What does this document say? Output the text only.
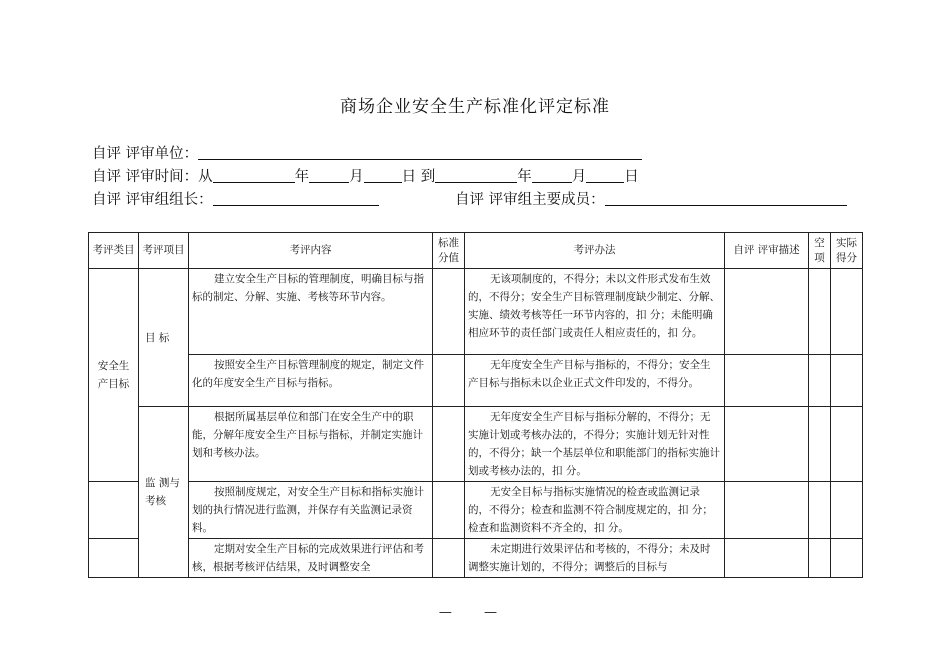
商场企业安全生产标准化评定标准
自评 评审单位：
自评 评审时间：从	年	月	日 到	年	月	日
自评 评审组组长：	自评 评审组主要成员：
考评类目	考评项目	考评内容	标准分值	考评办法	自评 评审描述	空项	实际得分
安全生产目标	目 标	建立安全生产目标的管理制度，明确目标与指标的制定、分解、实施、考核等环节内容。		无该项制度的，不得分；未以文件形式发布生效的，不得分；安全生产目标管理制度缺少制定、分解、实施、绩效考核等任一环节内容的，扣 分；未能明确相应环节的责任部门或责任人相应责任的，扣 分。			
		按照安全生产目标管理制度的规定，制定文件化的年度安全生产目标与指标。		无年度安全生产目标与指标的，不得分；安全生产目标与指标未以企业正式文件印发的，不得分。			
	监 测与考核	根据所属基层单位和部门在安全生产中的职能，分解年度安全生产目标与指标，并制定实施计划和考核办法。		无年度安全生产目标与指标分解的，不得分；无实施计划或考核办法的，不得分；实施计划无针对性的，不得分；缺一个基层单位和职能部门的指标实施计划或考核办法的，扣 分。			
		按照制度规定，对安全生产目标和指标实施计划的执行情况进行监测，并保存有关监测记录资料。		无安全目标与指标实施情况的检查或监测记录的，不得分；检查和监测不符合制度规定的，扣 分；检查和监测资料不齐全的，扣 分。			
		定期对安全生产目标的完成效果进行评估和考核，根据考核评估结果，及时调整安全		未定期进行效果评估和考核的，不得分；未及时调整实施计划的，不得分；调整后的目标与			
— —
